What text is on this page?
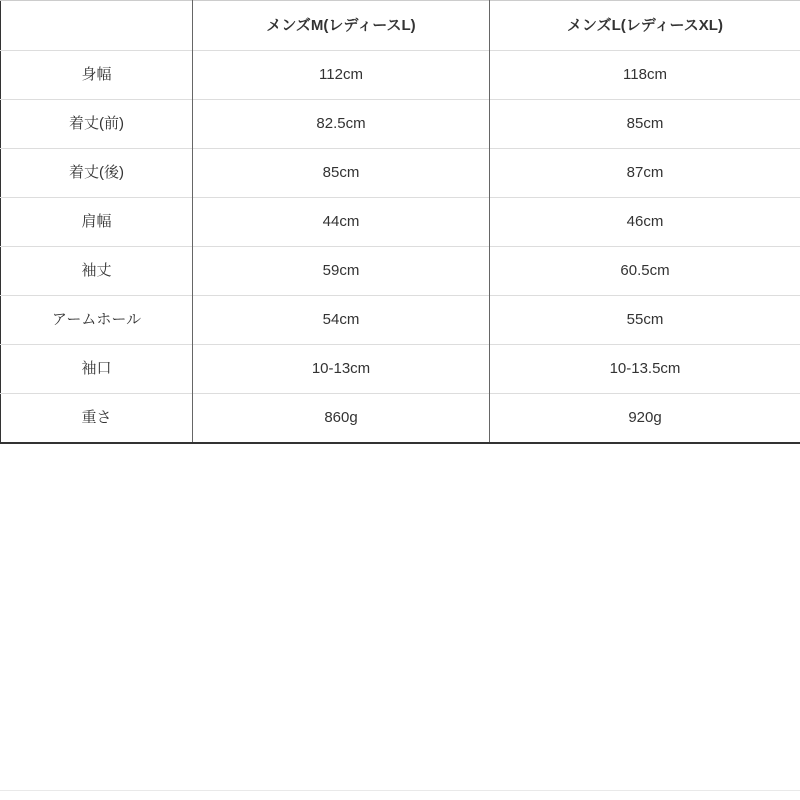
	メンズM(レディースL)	メンズL(レディースXL)
身幅	112cm	118cm
着丈(前)	82.5cm	85cm
着丈(後)	85cm	87cm
肩幅	44cm	46cm
袖丈	59cm	60.5cm
アームホール	54cm	55cm
袖口	10-13cm	10-13.5cm
重さ	860g	920g
